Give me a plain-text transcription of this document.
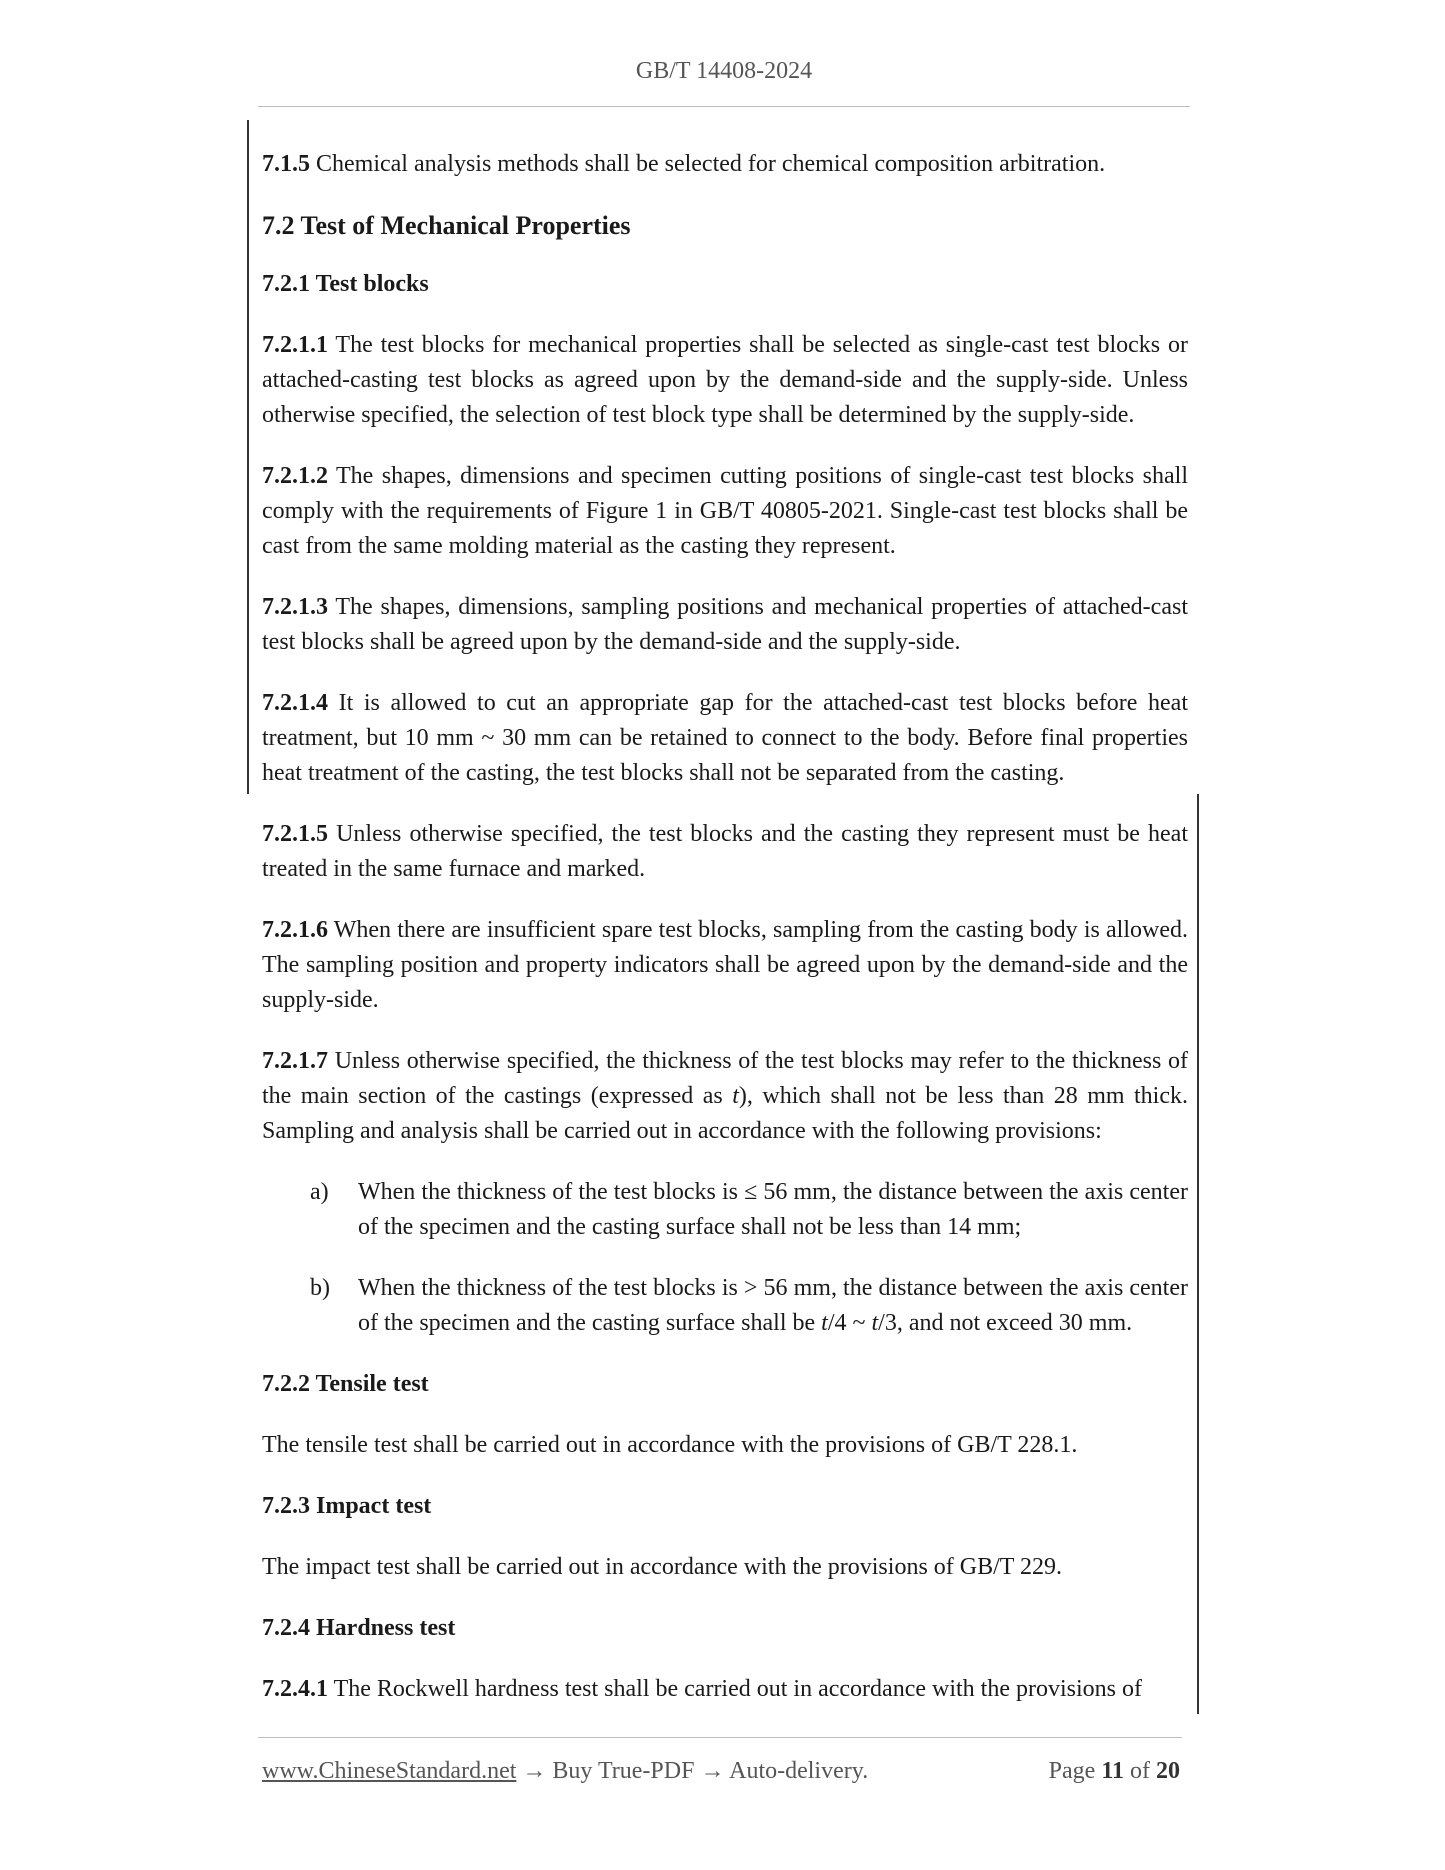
GB/T 14408-2024

7.1.5 Chemical analysis methods shall be selected for chemical composition arbitration.

7.2 Test of Mechanical Properties
7.2.1 Test blocks

7.2.1.1 The test blocks for mechanical properties shall be selected as single-cast test blocks or attached-casting test blocks as agreed upon by the demand-side and the supply-side. Unless otherwise specified, the selection of test block type shall be determined by the supply-side.

7.2.1.2 The shapes, dimensions and specimen cutting positions of single-cast test blocks shall comply with the requirements of Figure 1 in GB/T 40805-2021. Single-cast test blocks shall be cast from the same molding material as the casting they represent.

7.2.1.3 The shapes, dimensions, sampling positions and mechanical properties of attached-cast test blocks shall be agreed upon by the demand-side and the supply-side.

7.2.1.4 It is allowed to cut an appropriate gap for the attached-cast test blocks before heat treatment, but 10 mm ~ 30 mm can be retained to connect to the body. Before final properties heat treatment of the casting, the test blocks shall not be separated from the casting.

7.2.1.5 Unless otherwise specified, the test blocks and the casting they represent must be heat treated in the same furnace and marked.

7.2.1.6 When there are insufficient spare test blocks, sampling from the casting body is allowed. The sampling position and property indicators shall be agreed upon by the demand-side and the supply-side.

7.2.1.7 Unless otherwise specified, the thickness of the test blocks may refer to the thickness of the main section of the castings (expressed as t), which shall not be less than 28 mm thick. Sampling and analysis shall be carried out in accordance with the following provisions:

a)	When the thickness of the test blocks is ≤ 56 mm, the distance between the axis center of the specimen and the casting surface shall not be less than 14 mm;
b)	When the thickness of the test blocks is > 56 mm, the distance between the axis center of the specimen and the casting surface shall be t/4 ~ t/3, and not exceed 30 mm.
7.2.2 Tensile test

The tensile test shall be carried out in accordance with the provisions of GB/T 228.1.

7.2.3 Impact test

The impact test shall be carried out in accordance with the provisions of GB/T 229.

7.2.4 Hardness test

7.2.4.1 The Rockwell hardness test shall be carried out in accordance with the provisions of

www.ChineseStandard.net → Buy True-PDF → Auto-delivery.	Page 11 of 20
